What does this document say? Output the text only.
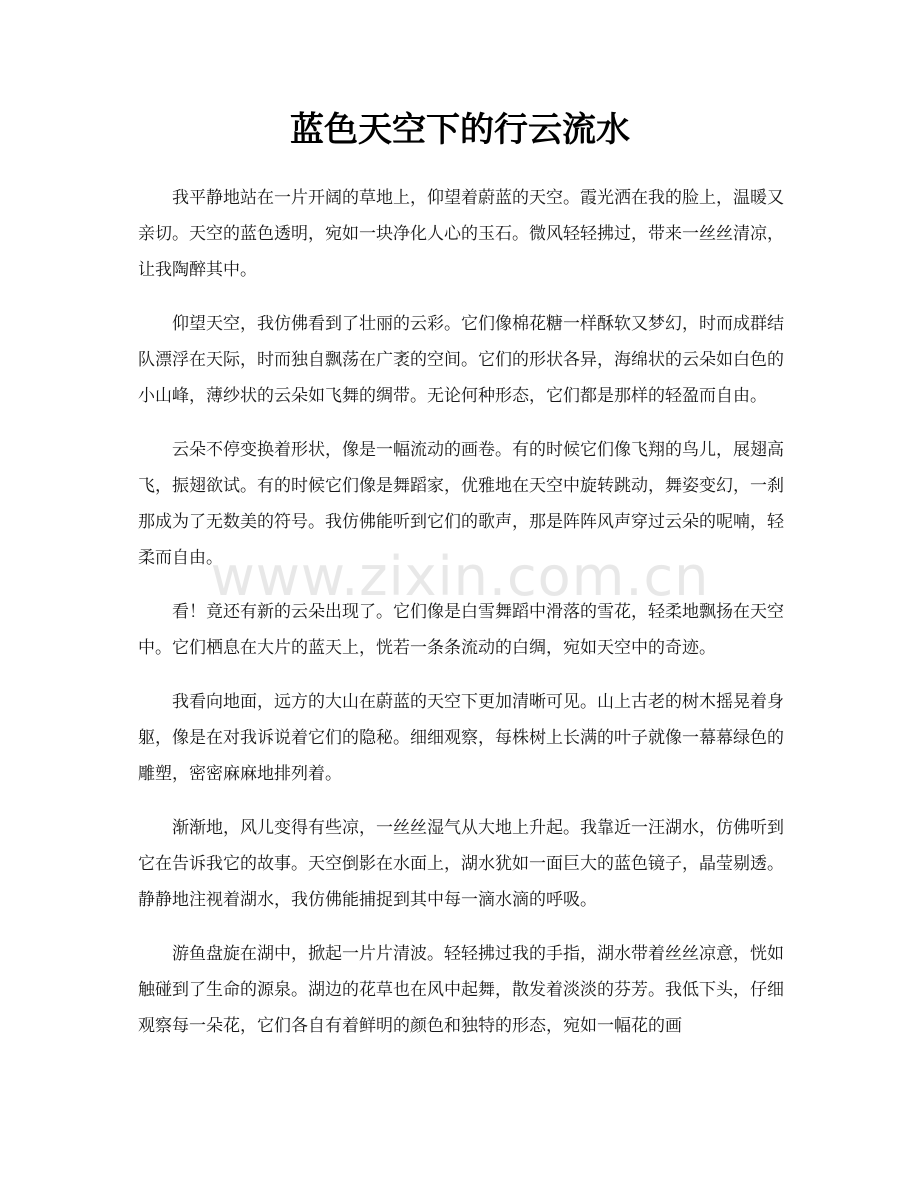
蓝色天空下的行云流水

我平静地站在一片开阔的草地上，仰望着蔚蓝的天空。霞光洒在我的脸上，温暖又亲切。天空的蓝色透明，宛如一块净化人心的玉石。微风轻轻拂过，带来一丝丝清凉，让我陶醉其中。

仰望天空，我仿佛看到了壮丽的云彩。它们像棉花糖一样酥软又梦幻，时而成群结队漂浮在天际，时而独自飘荡在广袤的空间。它们的形状各异，海绵状的云朵如白色的小山峰，薄纱状的云朵如飞舞的绸带。无论何种形态，它们都是那样的轻盈而自由。

云朵不停变换着形状，像是一幅流动的画卷。有的时候它们像飞翔的鸟儿，展翅高飞，振翅欲试。有的时候它们像是舞蹈家，优雅地在天空中旋转跳动，舞姿变幻，一刹那成为了无数美的符号。我仿佛能听到它们的歌声，那是阵阵风声穿过云朵的呢喃，轻柔而自由。

看！竟还有新的云朵出现了。它们像是白雪舞蹈中滑落的雪花，轻柔地飘扬在天空中。它们栖息在大片的蓝天上，恍若一条条流动的白绸，宛如天空中的奇迹。

我看向地面，远方的大山在蔚蓝的天空下更加清晰可见。山上古老的树木摇晃着身躯，像是在对我诉说着它们的隐秘。细细观察，每株树上长满的叶子就像一幕幕绿色的雕塑，密密麻麻地排列着。

渐渐地，风儿变得有些凉，一丝丝湿气从大地上升起。我靠近一汪湖水，仿佛听到它在告诉我它的故事。天空倒影在水面上，湖水犹如一面巨大的蓝色镜子，晶莹剔透。静静地注视着湖水，我仿佛能捕捉到其中每一滴水滴的呼吸。

游鱼盘旋在湖中，掀起一片片清波。轻轻拂过我的手指，湖水带着丝丝凉意，恍如触碰到了生命的源泉。湖边的花草也在风中起舞，散发着淡淡的芬芳。我低下头，仔细观察每一朵花，它们各自有着鲜明的颜色和独特的形态，宛如一幅花的画

www.zixin.com.cn
